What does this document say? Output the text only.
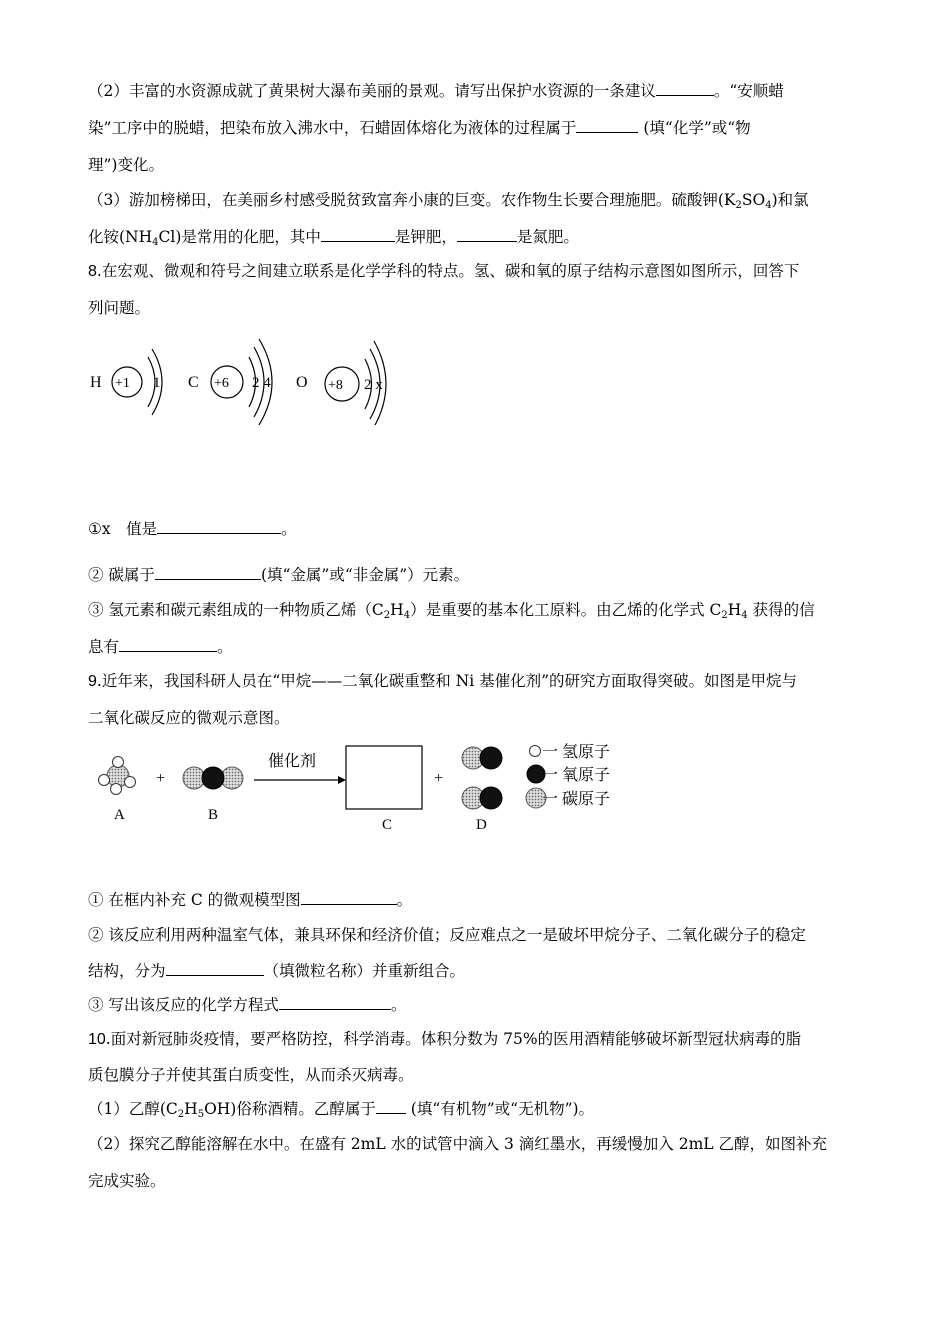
（2）丰富的水资源成就了黄果树大瀑布美丽的景观。请写出保护水资源的一条建议	。“安顺蜡
染”工序中的脱蜡，把染布放入沸水中，石蜡固体熔化为液体的过程属于	(填“化学”或“物
理”)变化。
（3）游加榜梯田，在美丽乡村感受脱贫致富奔小康的巨变。农作物生长要合理施肥。硫酸钾$(K_2SO_4)$和氯
化铵$(NH_4Cl)$是常用的化肥，其中	是钾肥，	是氮肥。
8.在宏观、微观和符号之间建立联系是化学学科的特点。氢、碳和氧的原子结构示意图如图所示，回答下
列问题。
H +1 1 C +6 2 4 O +8 2 x
①x　值是	。
② 碳属于	(填“金属”或“非金属”）元素。
③ 氢元素和碳元素组成的一种物质乙烯$(C_2H_4)$是重要的基本化工原料。由乙烯的化学式 $C_2H_4$ 获得的信
息有	。
9.近年来，我国科研人员在“甲烷——二氧化碳重整和 Ni 基催化剂”的研究方面取得突破。如图是甲烷与
二氧化碳反应的微观示意图。
A
+
B
催化剂
C
+
D
一 氢原子
一 氧原子
一 碳原子
① 在框内补充 C 的微观模型图	。
② 该反应利用两种温室气体，兼具环保和经济价值；反应难点之一是破坏甲烷分子、二氧化碳分子的稳定
结构，分为	（填微粒名称）并重新组合。
③ 写出该反应的化学方程式	。
10.面对新冠肺炎疫情，要严格防控，科学消毒。体积分数为 75%的医用酒精能够破坏新型冠状病毒的脂
质包膜分子并使其蛋白质变性，从而杀灭病毒。
（1）乙醇$(C_2H_5OH)$俗称酒精。乙醇属于 (填“有机物”或“无机物”)。
（2）探究乙醇能溶解在水中。在盛有 2mL 水的试管中滴入 3 滴红墨水，再缓慢加入 2mL 乙醇，如图补充
完成实验。
